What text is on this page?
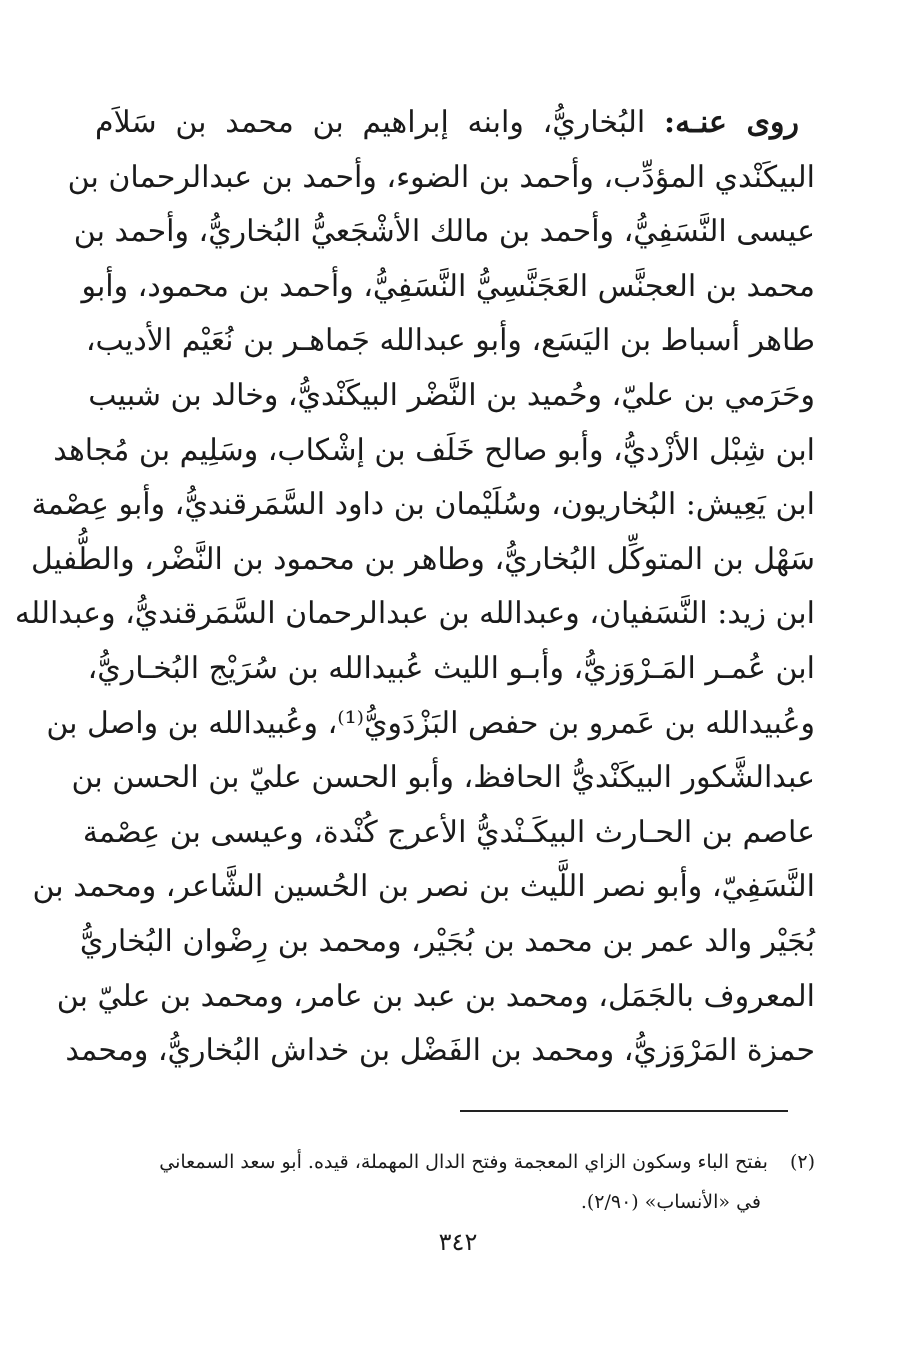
روى عنـه: البُخاريُّ، وابنه إبراهيم بن محمد بن سَلاَم
البيكَنْدي المؤدِّب، وأحمد بن الضوء، وأحمد بن عبدالرحمان بن
عيسى النَّسَفِيُّ، وأحمد بن مالك الأشْجَعيُّ البُخاريُّ، وأحمد بن
محمد بن العجنَّس العَجَنَّسِيُّ النَّسَفِيُّ، وأحمد بن محمود، وأبو
طاهر أسباط بن اليَسَع، وأبو عبدالله جَماهـر بن نُعَيْم الأديب،
وحَرَمي بن عليّ، وحُميد بن النَّضْر البيكَنْديُّ، وخالد بن شبيب
ابن شِبْل الأزْديُّ، وأبو صالح خَلَف بن إشْكاب، وسَلِيم بن مُجاهد
ابن يَعِيش: البُخاريون، وسُلَيْمان بن داود السَّمَرقنديُّ، وأبو عِصْمة
سَهْل بن المتوكِّل البُخاريُّ، وطاهر بن محمود بن النَّضْر، والطُّفيل
ابن زيد: النَّسَفيان، وعبدالله بن عبدالرحمان السَّمَرقنديُّ، وعبدالله
ابن عُمـر المَـرْوَزيُّ، وأبـو الليث عُبيدالله بن سُرَيْج البُخـاريُّ،
وعُبيدالله بن عَمرو بن حفص البَزْدَويُّ⁽¹⁾، وعُبيدالله بن واصل بن
عبدالشَّكور البيكَنْديُّ الحافظ، وأبو الحسن عليّ بن الحسن بن
عاصم بن الحـارث البيكَـنْديُّ الأعرج كُنْدة، وعيسى بن عِصْمة
النَّسَفِيّ، وأبو نصر اللَّيث بن نصر بن الحُسين الشَّاعر، ومحمد بن
بُجَيْر والد عمر بن محمد بن بُجَيْر، ومحمد بن رِضْوان البُخاريُّ
المعروف بالجَمَل، ومحمد بن عبد بن عامر، ومحمد بن عليّ بن
حمزة المَرْوَزيُّ، ومحمد بن الفَضْل بن خداش البُخاريُّ، ومحمد
(٢)بفتح الباء وسكون الزاي المعجمة وفتح الدال المهملة، قيده. أبو سعد السمعاني
في «الأنساب» (٢/٩٠).
٣٤٢
